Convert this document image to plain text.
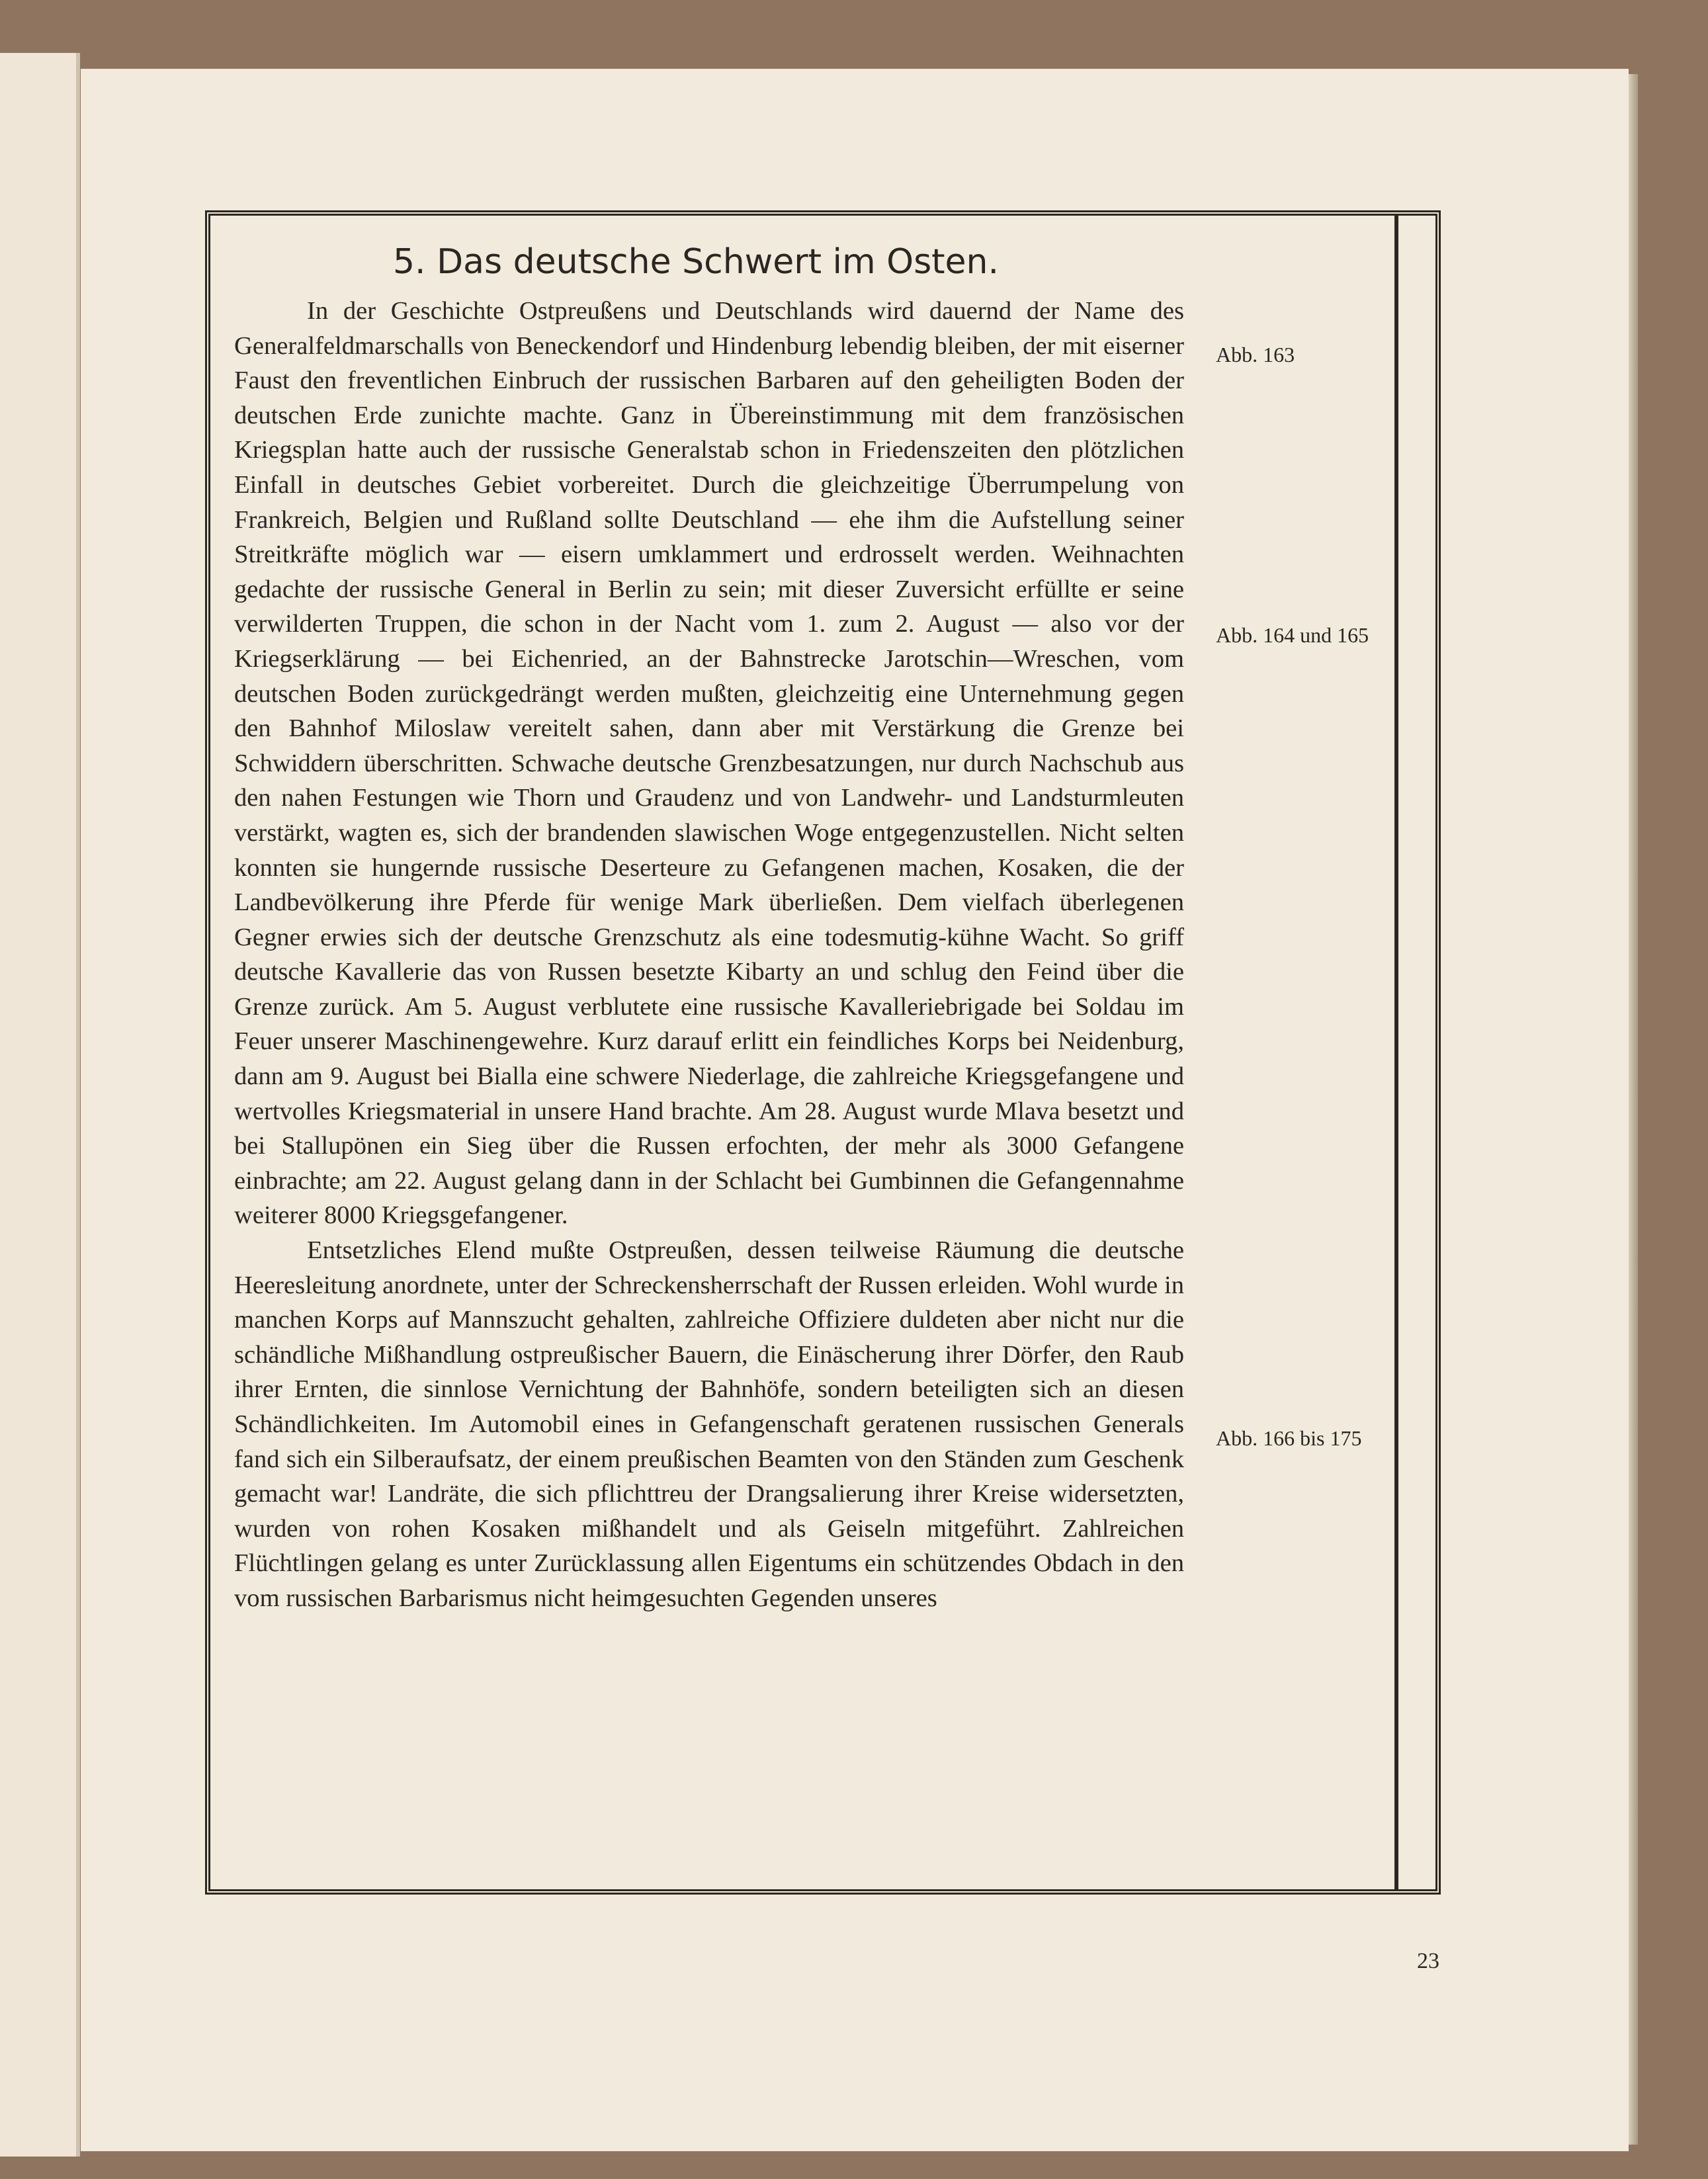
5. Das deutsche Schwert im Osten.

In der Geschichte Ostpreußens und Deutschlands wird dauernd der Name des Generalfeldmarschalls von Beneckendorf und Hindenburg lebendig bleiben, der mit eiserner Faust den freventlichen Einbruch der russischen Barbaren auf den geheiligten Boden der deutschen Erde zunichte machte. Ganz in Übereinstimmung mit dem französischen Kriegsplan hatte auch der russische Generalstab schon in Friedenszeiten den plötzlichen Einfall in deutsches Gebiet vorbereitet. Durch die gleichzeitige Überrumpelung von Frankreich, Belgien und Rußland sollte Deutschland — ehe ihm die Aufstellung seiner Streitkräfte möglich war — eisern umklammert und erdrosselt werden. Weihnachten gedachte der russische General in Berlin zu sein; mit dieser Zuversicht erfüllte er seine verwilderten Truppen, die schon in der Nacht vom 1. zum 2. August — also vor der Kriegserklärung — bei Eichenried, an der Bahnstrecke Jarotschin—Wreschen, vom deutschen Boden zurückgedrängt werden mußten, gleichzeitig eine Unternehmung gegen den Bahnhof Miloslaw vereitelt sahen, dann aber mit Verstärkung die Grenze bei Schwiddern überschritten. Schwache deutsche Grenzbesatzungen, nur durch Nachschub aus den nahen Festungen wie Thorn und Graudenz und von Landwehr- und Landsturmleuten verstärkt, wagten es, sich der brandenden slawischen Woge entgegenzustellen. Nicht selten konnten sie hungernde russische Deserteure zu Gefangenen machen, Kosaken, die der Landbevölkerung ihre Pferde für wenige Mark überließen. Dem vielfach überlegenen Gegner erwies sich der deutsche Grenzschutz als eine todesmutig-kühne Wacht. So griff deutsche Kavallerie das von Russen besetzte Kibarty an und schlug den Feind über die Grenze zurück. Am 5. August verblutete eine russische Kavalleriebrigade bei Soldau im Feuer unserer Maschinengewehre. Kurz darauf erlitt ein feindliches Korps bei Neidenburg, dann am 9. August bei Bialla eine schwere Niederlage, die zahlreiche Kriegsgefangene und wertvolles Kriegsmaterial in unsere Hand brachte. Am 28. August wurde Mlava besetzt und bei Stallupönen ein Sieg über die Russen erfochten, der mehr als 3000 Gefangene einbrachte; am 22. August gelang dann in der Schlacht bei Gumbinnen die Gefangennahme weiterer 8000 Kriegsgefangener.

Entsetzliches Elend mußte Ostpreußen, dessen teilweise Räumung die deutsche Heeresleitung anordnete, unter der Schreckensherrschaft der Russen erleiden. Wohl wurde in manchen Korps auf Mannszucht gehalten, zahlreiche Offiziere duldeten aber nicht nur die schändliche Mißhandlung ostpreußischer Bauern, die Einäscherung ihrer Dörfer, den Raub ihrer Ernten, die sinnlose Vernichtung der Bahnhöfe, sondern beteiligten sich an diesen Schändlichkeiten. Im Automobil eines in Gefangenschaft geratenen russischen Generals fand sich ein Silberaufsatz, der einem preußischen Beamten von den Ständen zum Geschenk gemacht war! Landräte, die sich pflichttreu der Drangsalierung ihrer Kreise widersetzten, wurden von rohen Kosaken mißhandelt und als Geiseln mitgeführt. Zahlreichen Flüchtlingen gelang es unter Zurücklassung allen Eigentums ein schützendes Obdach in den vom russischen Barbarismus nicht heimgesuchten Gegenden unseres

Abb. 163
Abb. 164 und 165
Abb. 166 bis 175
23
